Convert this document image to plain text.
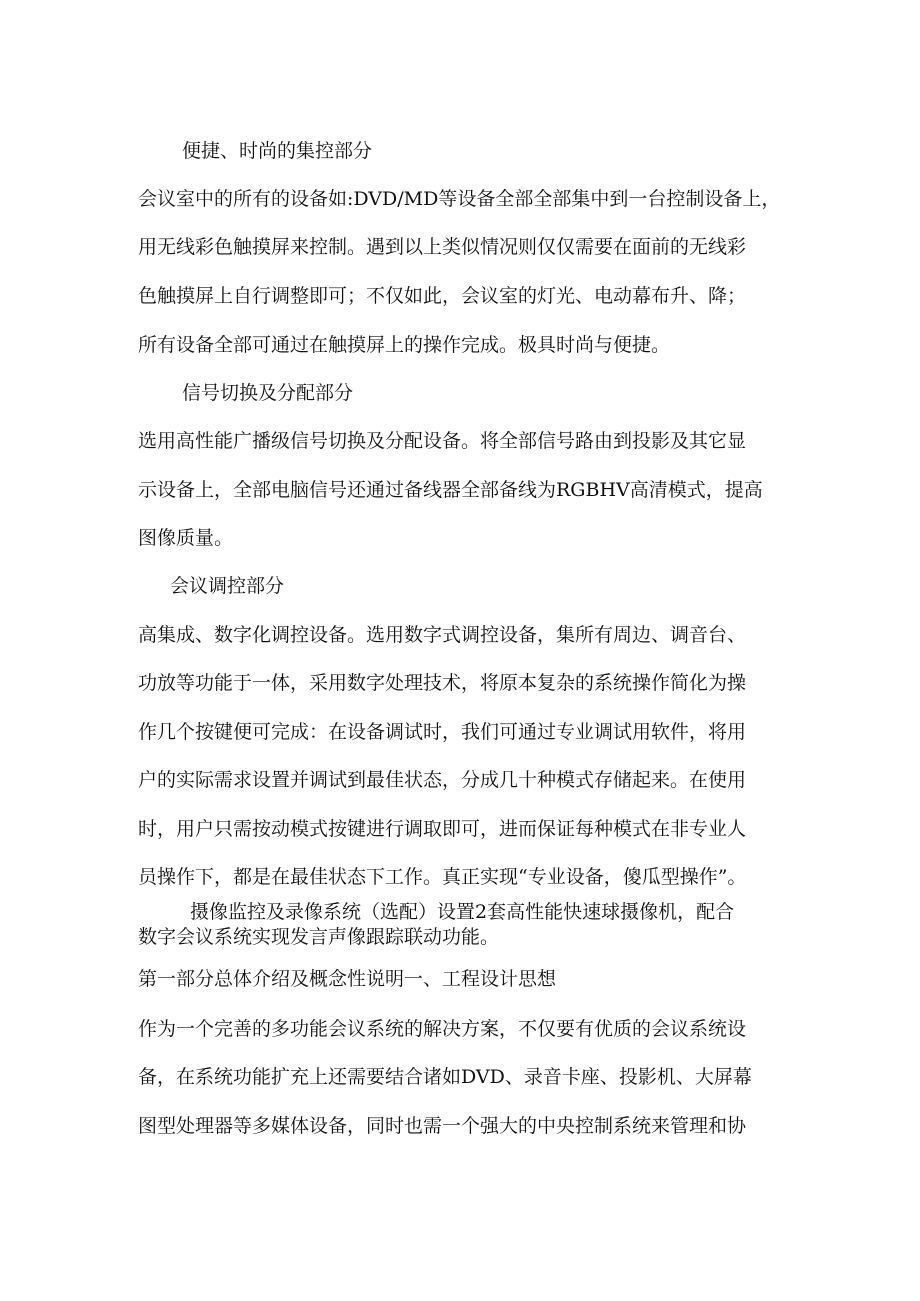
便捷、时尚的集控部分
会议室中的所有的设备如:DVD/MD等设备全部全部集中到一台控制设备上，
用无线彩色触摸屏来控制。遇到以上类似情况则仅仅需要在面前的无线彩
色触摸屏上自行调整即可；不仅如此，会议室的灯光、电动幕布升、降；
所有设备全部可通过在触摸屏上的操作完成。极具时尚与便捷。
信号切换及分配部分
选用高性能广播级信号切换及分配设备。将全部信号路由到投影及其它显
示设备上，全部电脑信号还通过备线器全部备线为RGBHV高清模式，提高
图像质量。
会议调控部分
高集成、数字化调控设备。选用数字式调控设备，集所有周边、调音台、
功放等功能于一体，采用数字处理技术，将原本复杂的系统操作简化为操
作几个按键便可完成：在设备调试时，我们可通过专业调试用软件，将用
户的实际需求设置并调试到最佳状态，分成几十种模式存储起来。在使用
时，用户只需按动模式按键进行调取即可，进而保证每种模式在非专业人
员操作下，都是在最佳状态下工作。真正实现“专业设备，傻瓜型操作”。
摄像监控及录像系统（选配）设置2套高性能快速球摄像机，配合
数字会议系统实现发言声像跟踪联动功能。
第一部分总体介绍及概念性说明一、工程设计思想
作为一个完善的多功能会议系统的解决方案，不仅要有优质的会议系统设
备，在系统功能扩充上还需要结合诸如DVD、录音卡座、投影机、大屏幕
图型处理器等多媒体设备，同时也需一个强大的中央控制系统来管理和协
